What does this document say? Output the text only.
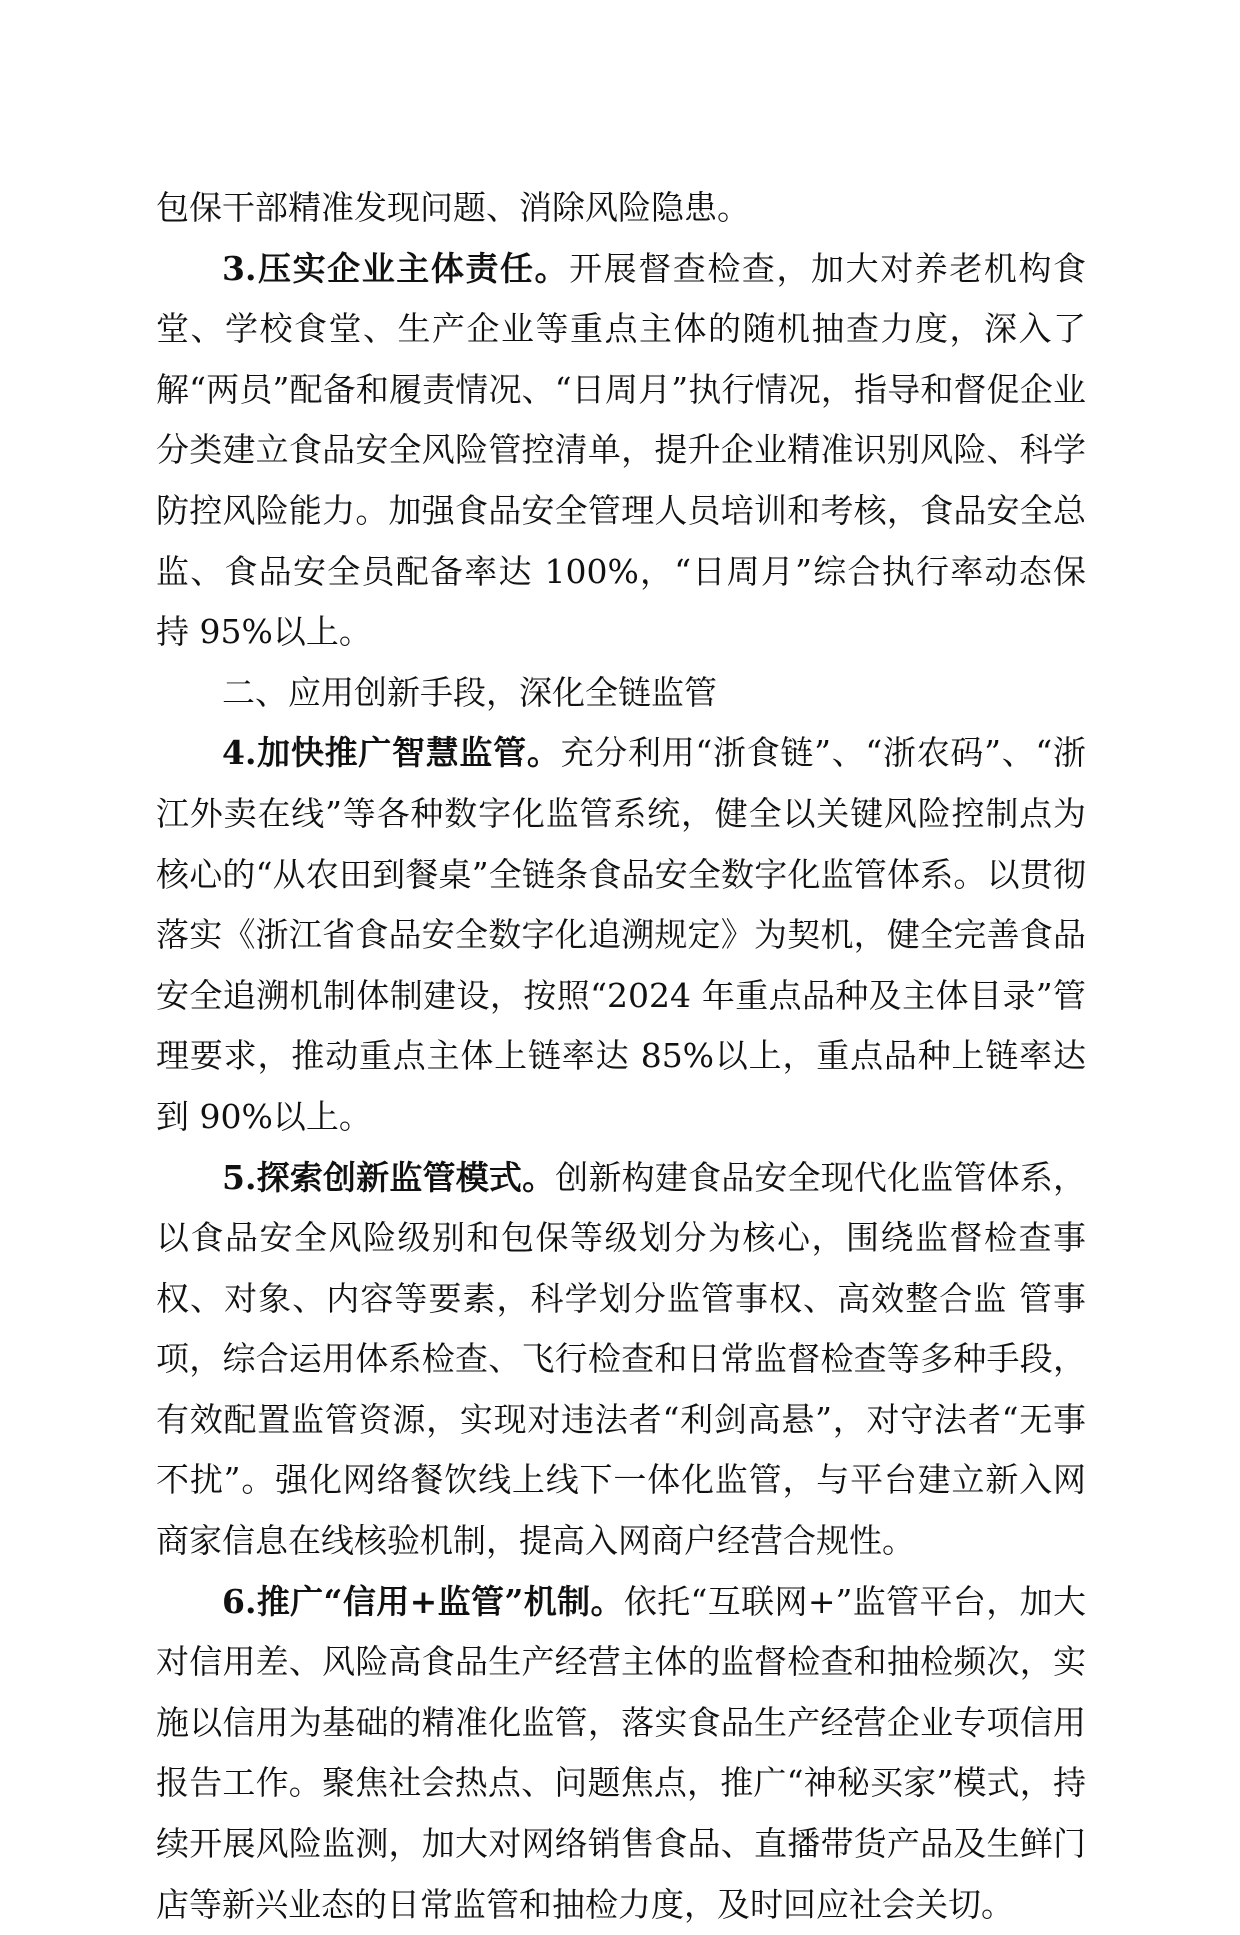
包保干部精准发现问题、消除风险隐患。

3.压实企业主体责任。开展督查检查，加大对养老机构食堂、学校食堂、生产企业等重点主体的随机抽查力度，深入了解“两员”配备和履责情况、“日周月”执行情况，指导和督促企业分类建立食品安全风险管控清单，提升企业精准识别风险、科学防控风险能力。加强食品安全管理人员培训和考核，食品安全总监、食品安全员配备率达 100%，“日周月”综合执行率动态保持 95%以上。

二、应用创新手段，深化全链监管

4.加快推广智慧监管。充分利用“浙食链”、“浙农码”、“浙江外卖在线”等各种数字化监管系统，健全以关键风险控制点为核心的“从农田到餐桌”全链条食品安全数字化监管体系。以贯彻落实《浙江省食品安全数字化追溯规定》为契机，健全完善食品安全追溯机制体制建设，按照“2024 年重点品种及主体目录”管理要求，推动重点主体上链率达 85%以上，重点品种上链率达到 90%以上。

5.探索创新监管模式。创新构建食品安全现代化监管体系，以食品安全风险级别和包保等级划分为核心，围绕监督检查事权、对象、内容等要素，科学划分监管事权、高效整合监 管事项，综合运用体系检查、飞行检查和日常监督检查等多种手段，有效配置监管资源，实现对违法者“利剑高悬”，对守法者“无事不扰”。强化网络餐饮线上线下一体化监管，与平台建立新入网商家信息在线核验机制，提高入网商户经营合规性。

6.推广“信用+监管”机制。依托“互联网+”监管平台，加大对信用差、风险高食品生产经营主体的监督检查和抽检频次，实施以信用为基础的精准化监管，落实食品生产经营企业专项信用报告工作。聚焦社会热点、问题焦点，推广“神秘买家”模式，持续开展风险监测，加大对网络销售食品、直播带货产品及生鲜门店等新兴业态的日常监管和抽检力度，及时回应社会关切。
